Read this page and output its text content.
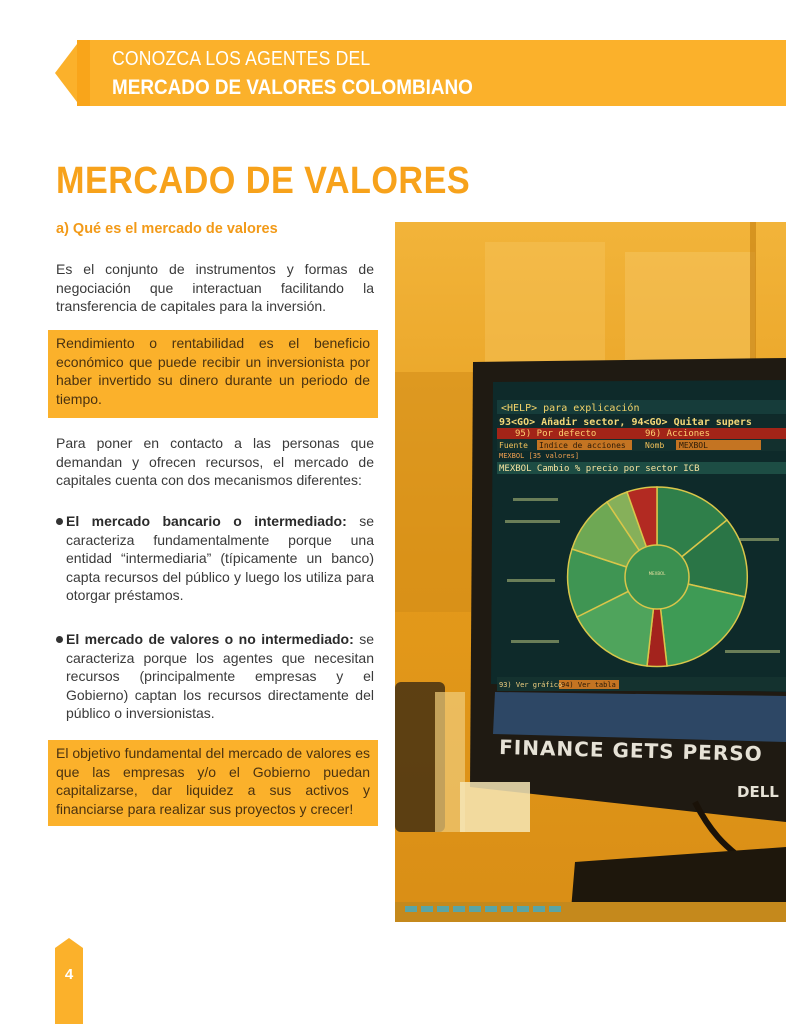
CONOZCA LOS AGENTES DEL
MERCADO DE VALORES COLOMBIANO
MERCADO DE VALORES
a) Qué es el mercado de valores
Es el conjunto de instrumentos y formas de negociación que interactuan facilitando la transferencia de capitales para la inversión.
Rendimiento o rentabilidad es el beneficio económico que puede recibir un inversionista por haber invertido su dinero durante un periodo de tiempo.
Para poner en contacto a las personas que demandan y ofrecen recursos, el mercado de capitales cuenta con dos mecanismos diferentes:
El mercado bancario o intermediado: se caracteriza fundamentalmente porque una entidad “intermediaria” (típicamente un banco) capta recursos del público y luego los utiliza para otorgar préstamos.
El mercado de valores o no intermediado: se caracteriza porque los agentes que necesitan recursos (principalmente empresas y el Gobierno) captan los recursos directamente del público o inversionistas.
El objetivo fundamental del mercado de valores es que las empresas y/o el Gobierno puedan capitalizarse, dar liquidez a sus activos y financiarse para realizar sus proyectos y crecer!
<HELP> para explicación
93<GO> Añadir sector, 94<GO> Quitar supers
95) Por defecto	96) Acciones
Fuente Indice de acciones Nomb MEXBOL
MEXBOL [35 valores]
MEXBOL Cambio % precio por sector ICB
MEXBOL
93) Ver gráfico
94) Ver tabla
FINANCE GETS PERSO
DELL
4
